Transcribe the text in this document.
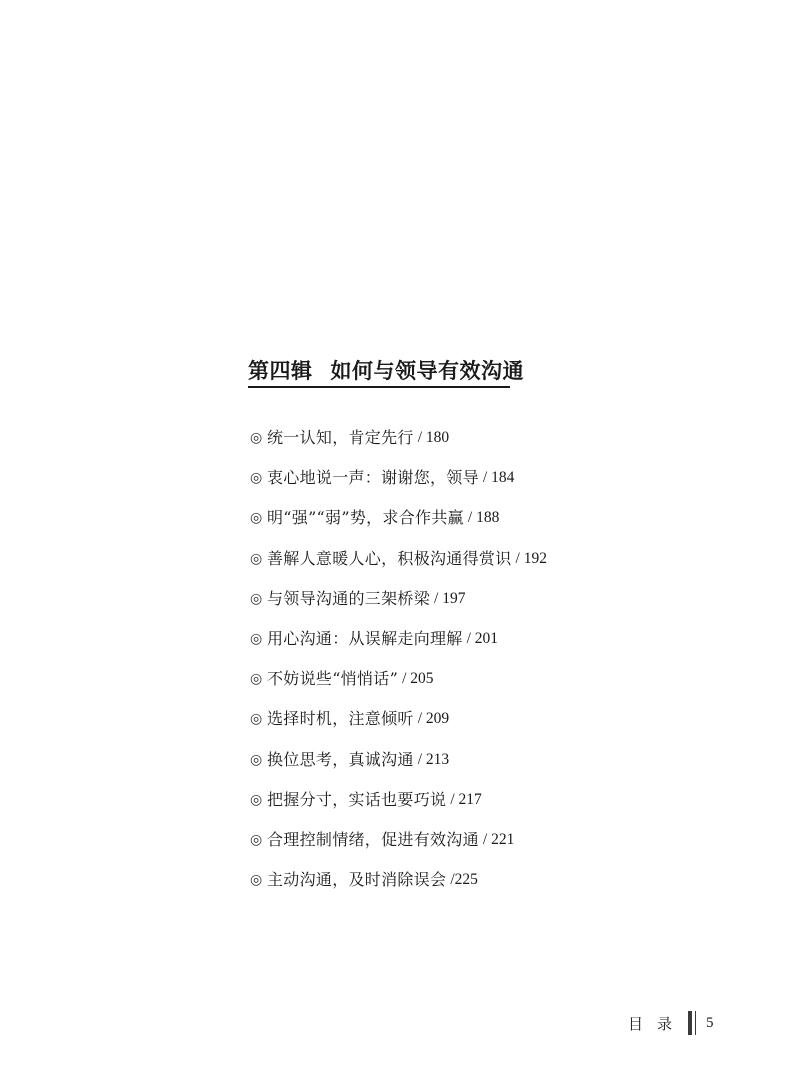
第四辑 如何与领导有效沟通
◎ 统一认知，肯定先行 / 180
◎ 衷心地说一声：谢谢您，领导 / 184
◎ 明“强”“弱”势，求合作共赢 / 188
◎ 善解人意暖人心，积极沟通得赏识 / 192
◎ 与领导沟通的三架桥梁 / 197
◎ 用心沟通：从误解走向理解 / 201
◎ 不妨说些“悄悄话” / 205
◎ 选择时机，注意倾听 / 209
◎ 换位思考，真诚沟通 / 213
◎ 把握分寸，实话也要巧说 / 217
◎ 合理控制情绪，促进有效沟通 / 221
◎ 主动沟通，及时消除误会 /225
目录 5
